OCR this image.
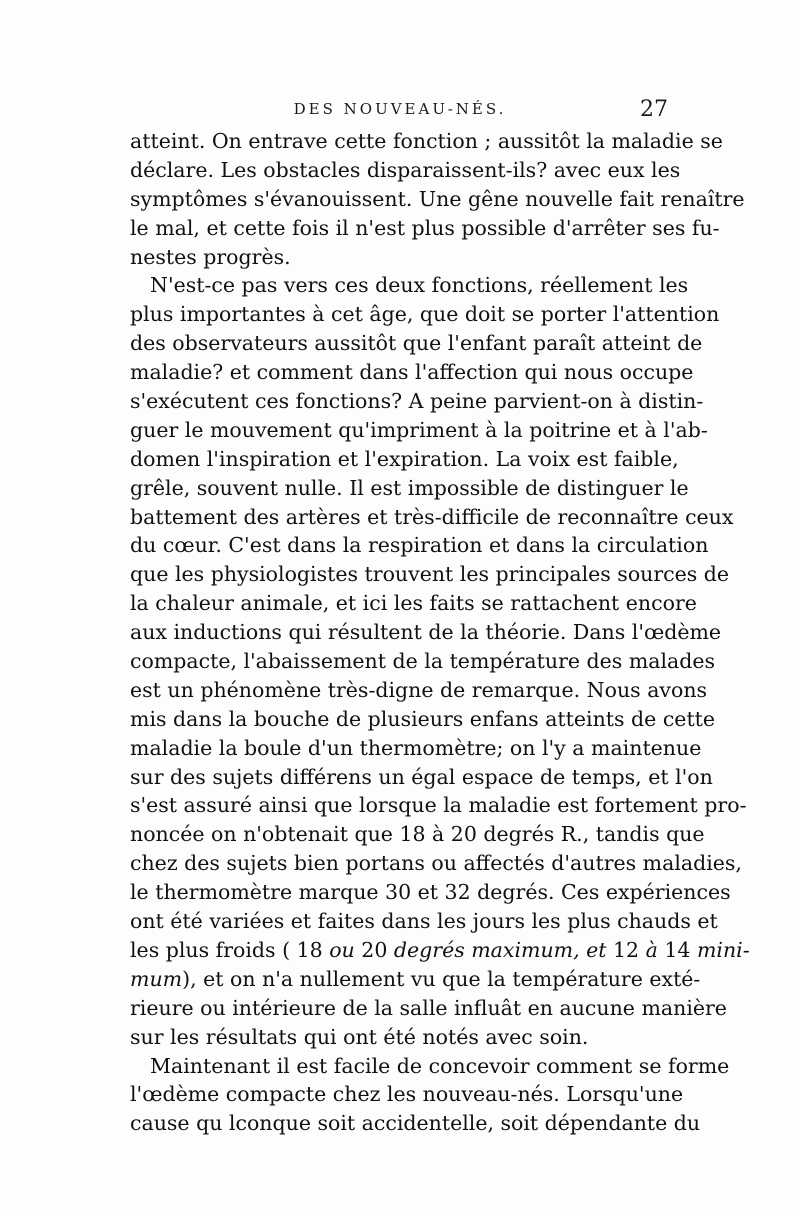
DES NOUVEAU-NÉS.	27
atteint. On entrave cette fonction ; aussitôt la maladie se
déclare. Les obstacles disparaissent-ils? avec eux les
symptômes s'évanouissent. Une gêne nouvelle fait renaître
le mal, et cette fois il n'est plus possible d'arrêter ses fu-
nestes progrès.
N'est-ce pas vers ces deux fonctions, réellement les
plus importantes à cet âge, que doit se porter l'attention
des observateurs aussitôt que l'enfant paraît atteint de
maladie? et comment dans l'affection qui nous occupe
s'exécutent ces fonctions? A peine parvient-on à distin-
guer le mouvement qu'impriment à la poitrine et à l'ab-
domen l'inspiration et l'expiration. La voix est faible,
grêle, souvent nulle. Il est impossible de distinguer le
battement des artères et très-difficile de reconnaître ceux
du cœur. C'est dans la respiration et dans la circulation
que les physiologistes trouvent les principales sources de
la chaleur animale, et ici les faits se rattachent encore
aux inductions qui résultent de la théorie. Dans l'œdème
compacte, l'abaissement de la température des malades
est un phénomène très-digne de remarque. Nous avons
mis dans la bouche de plusieurs enfans atteints de cette
maladie la boule d'un thermomètre; on l'y a maintenue
sur des sujets différens un égal espace de temps, et l'on
s'est assuré ainsi que lorsque la maladie est fortement pro-
noncée on n'obtenait que 18 à 20 degrés R., tandis que
chez des sujets bien portans ou affectés d'autres maladies,
le thermomètre marque 30 et 32 degrés. Ces expériences
ont été variées et faites dans les jours les plus chauds et
les plus froids ( 18 ou 20 degrés maximum, et 12 à 14 mini-
mum), et on n'a nullement vu que la température exté-
rieure ou intérieure de la salle influât en aucune manière
sur les résultats qui ont été notés avec soin.
Maintenant il est facile de concevoir comment se forme
l'œdème compacte chez les nouveau-nés. Lorsqu'une
cause qu lconque soit accidentelle, soit dépendante du
